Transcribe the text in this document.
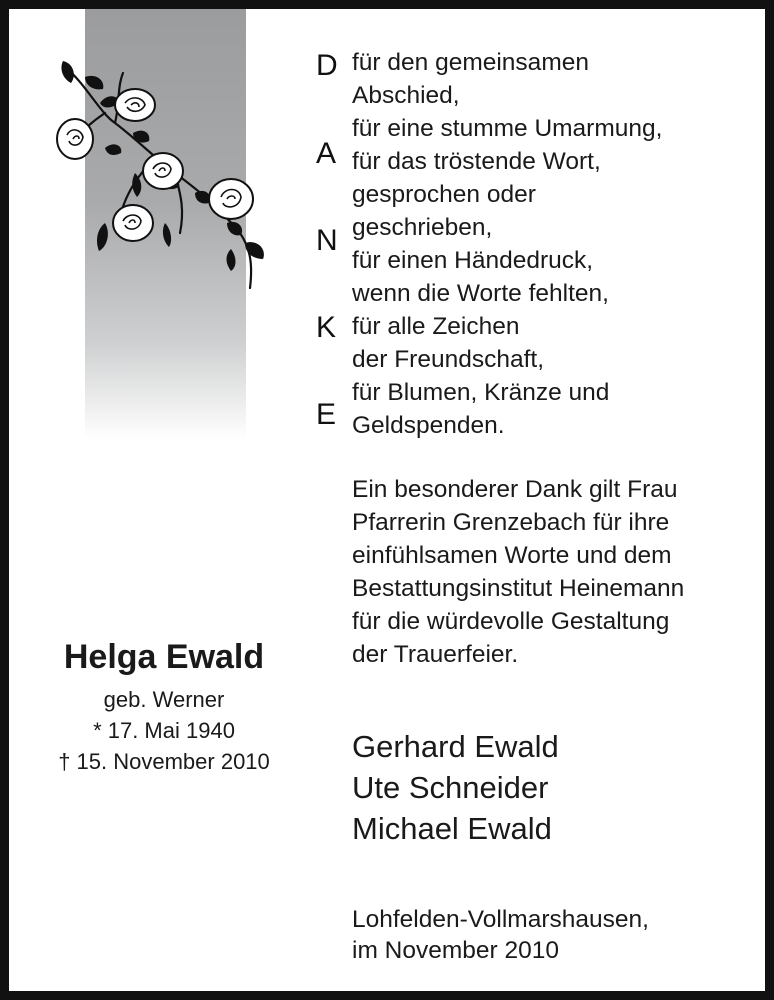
D
A
N
K
E
für den gemeinsamen
Abschied,
für eine stumme Umarmung,
für das tröstende Wort,
gesprochen oder
geschrieben,
für einen Händedruck,
wenn die Worte fehlten,
für alle Zeichen
der Freundschaft,
für Blumen, Kränze und
Geldspenden.
Ein besonderer Dank gilt Frau
Pfarrerin Grenzebach für ihre
einfühlsamen Worte und dem
Bestattungsinstitut Heinemann
für die würdevolle Gestaltung
der Trauerfeier.
Helga Ewald
geb. Werner
* 17. Mai 1940
† 15. November 2010	Gerhard Ewald
Ute Schneider
Michael Ewald
Lohfelden-Vollmarshausen,
im November 2010
